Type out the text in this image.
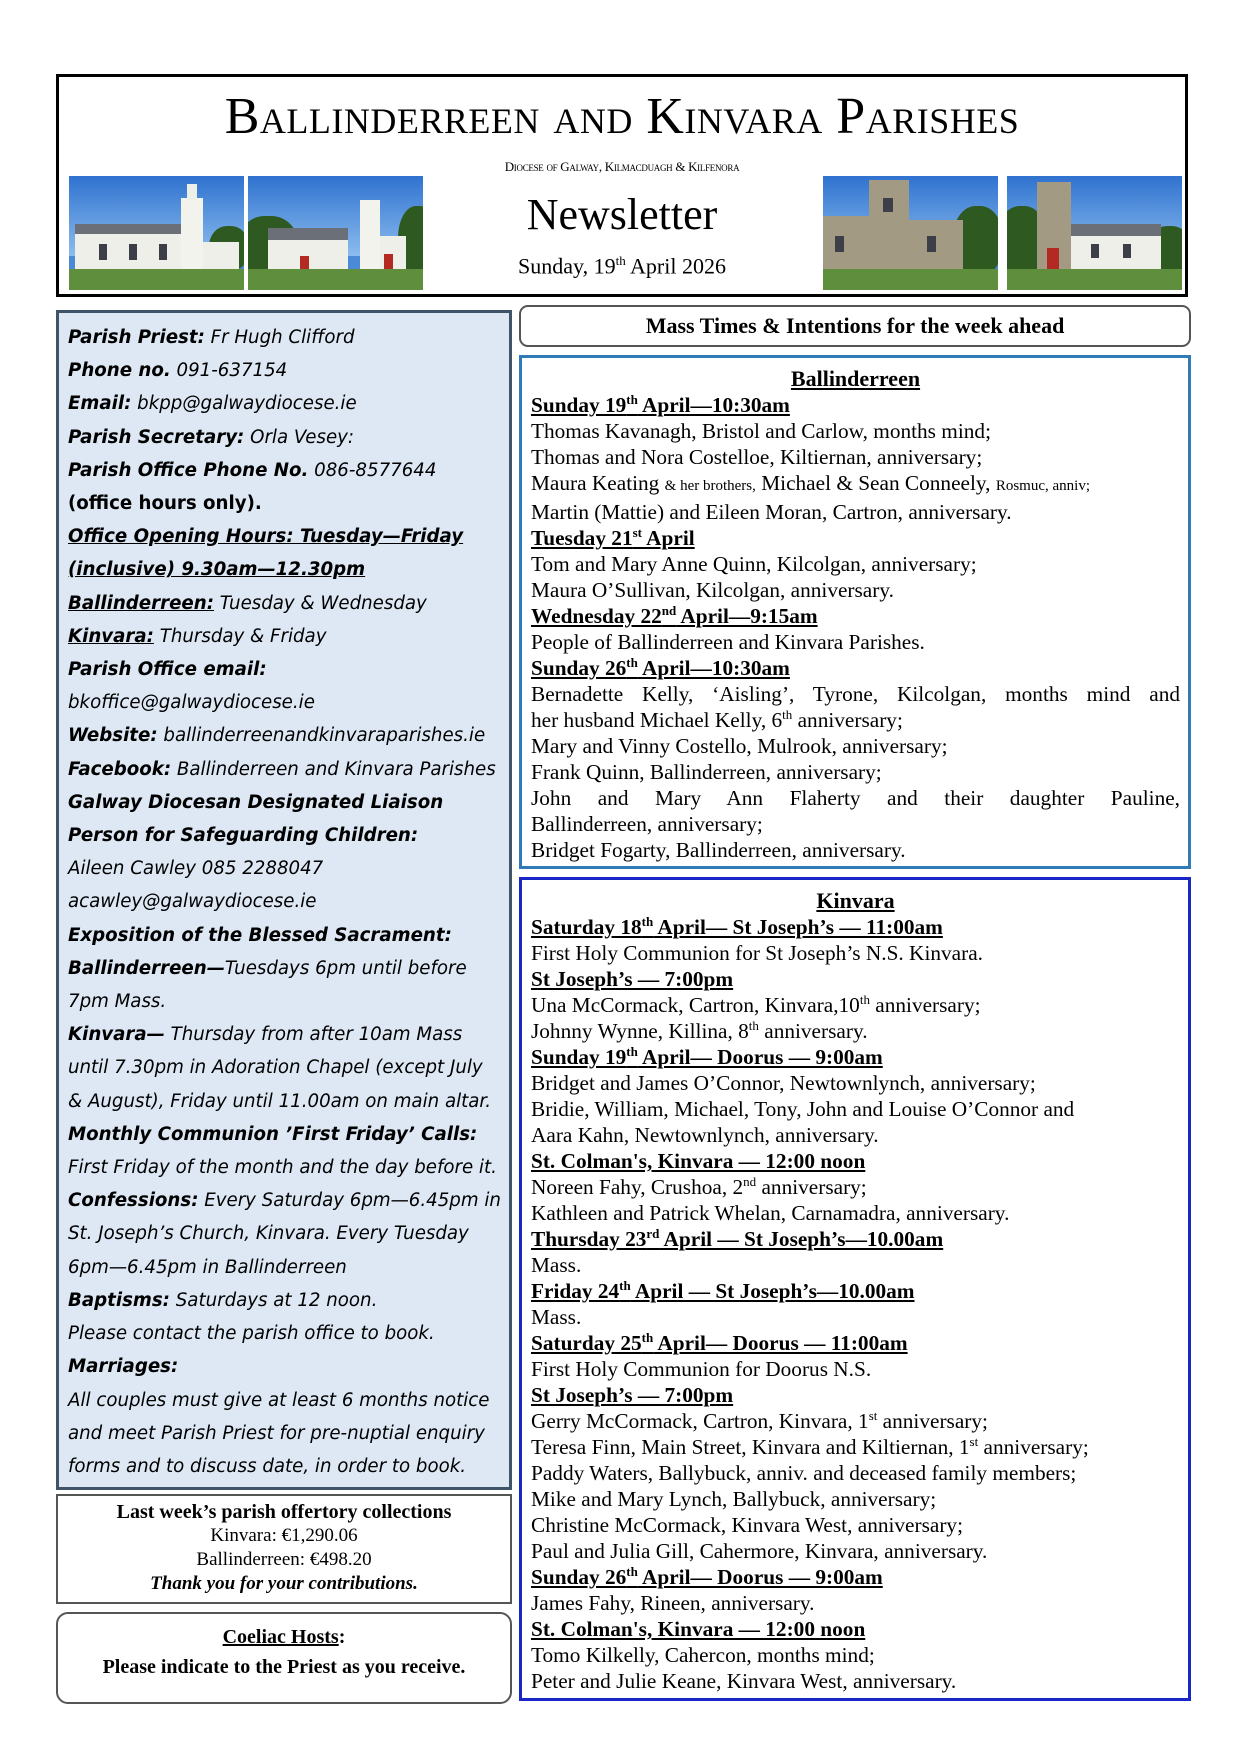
Ballinderreen and Kinvara Parishes
Diocese of Galway, Kilmacduagh & Kilfenora
Newsletter
Sunday, 19th April 2026

Parish Priest: Fr Hugh Clifford

Phone no. 091-637154

Email: bkpp@galwaydiocese.ie

Parish Secretary: Orla Vesey:

Parish Office Phone No. 086-8577644 (office hours only).

Office Opening Hours: Tuesday—Friday (inclusive) 9.30am—12.30pm

Ballinderreen: Tuesday & Wednesday

Kinvara: Thursday & Friday

Parish Office email:

bkoffice@galwaydiocese.ie

Website: ballinderreenandkinvaraparishes.ie

Facebook: Ballinderreen and Kinvara Parishes

Galway Diocesan Designated Liaison Person for Safeguarding Children:

Aileen Cawley 085 2288047

acawley@galwaydiocese.ie

Exposition of the Blessed Sacrament:

Ballinderreen—Tuesdays 6pm until before 7pm Mass.

Kinvara— Thursday from after 10am Mass until 7.30pm in Adoration Chapel (except July & August), Friday until 11.00am on main altar.

Monthly Communion ’First Friday’ Calls:

First Friday of the month and the day before it.

Confessions: Every Saturday 6pm—6.45pm in St. Joseph’s Church, Kinvara. Every Tuesday 6pm—6.45pm in Ballinderreen

Baptisms: Saturdays at 12 noon.

Please contact the parish office to book.

Marriages:

All couples must give at least 6 months notice and meet Parish Priest for pre-nuptial enquiry forms and to discuss date, in order to book.

Last week’s parish offertory collections
Kinvara: €1,290.06
Ballinderreen: €498.20
Thank you for your contributions.
Coeliac Hosts:
Please indicate to the Priest as you receive.
Mass Times & Intentions for the week ahead
Ballinderreen
Sunday 19th April—10:30am
Thomas Kavanagh, Bristol and Carlow, months mind;
Thomas and Nora Costelloe, Kiltiernan, anniversary;
Maura Keating & her brothers, Michael & Sean Conneely, Rosmuc, anniv;
Martin (Mattie) and Eileen Moran, Cartron, anniversary.
Tuesday 21st April
Tom and Mary Anne Quinn, Kilcolgan, anniversary;
Maura O’Sullivan, Kilcolgan, anniversary.
Wednesday 22nd April—9:15am
People of Ballinderreen and Kinvara Parishes.
Sunday 26th April—10:30am
Bernadette Kelly, ‘Aisling’, Tyrone, Kilcolgan, months mind and
her husband Michael Kelly, 6th anniversary;
Mary and Vinny Costello, Mulrook, anniversary;
Frank Quinn, Ballinderreen, anniversary;
John and Mary Ann Flaherty and their daughter Pauline,
Ballinderreen, anniversary;
Bridget Fogarty, Ballinderreen, anniversary.
Kinvara
Saturday 18th April— St Joseph’s — 11:00am
First Holy Communion for St Joseph’s N.S. Kinvara.
St Joseph’s — 7:00pm
Una McCormack, Cartron, Kinvara,10th anniversary;
Johnny Wynne, Killina, 8th anniversary.
Sunday 19th April— Doorus — 9:00am
Bridget and James O’Connor, Newtownlynch, anniversary;
Bridie, William, Michael, Tony, John and Louise O’Connor and
Aara Kahn, Newtownlynch, anniversary.
St. Colman's, Kinvara — 12:00 noon
Noreen Fahy, Crushoa, 2nd anniversary;
Kathleen and Patrick Whelan, Carnamadra, anniversary.
Thursday 23rd April — St Joseph’s—10.00am
Mass.
Friday 24th April — St Joseph’s—10.00am
Mass.
Saturday 25th April— Doorus — 11:00am
First Holy Communion for Doorus N.S.
St Joseph’s — 7:00pm
Gerry McCormack, Cartron, Kinvara, 1st anniversary;
Teresa Finn, Main Street, Kinvara and Kiltiernan, 1st anniversary;
Paddy Waters, Ballybuck, anniv. and deceased family members;
Mike and Mary Lynch, Ballybuck, anniversary;
Christine McCormack, Kinvara West, anniversary;
Paul and Julia Gill, Cahermore, Kinvara, anniversary.
Sunday 26th April— Doorus — 9:00am
James Fahy, Rineen, anniversary.
St. Colman's, Kinvara — 12:00 noon
Tomo Kilkelly, Cahercon, months mind;
Peter and Julie Keane, Kinvara West, anniversary.
